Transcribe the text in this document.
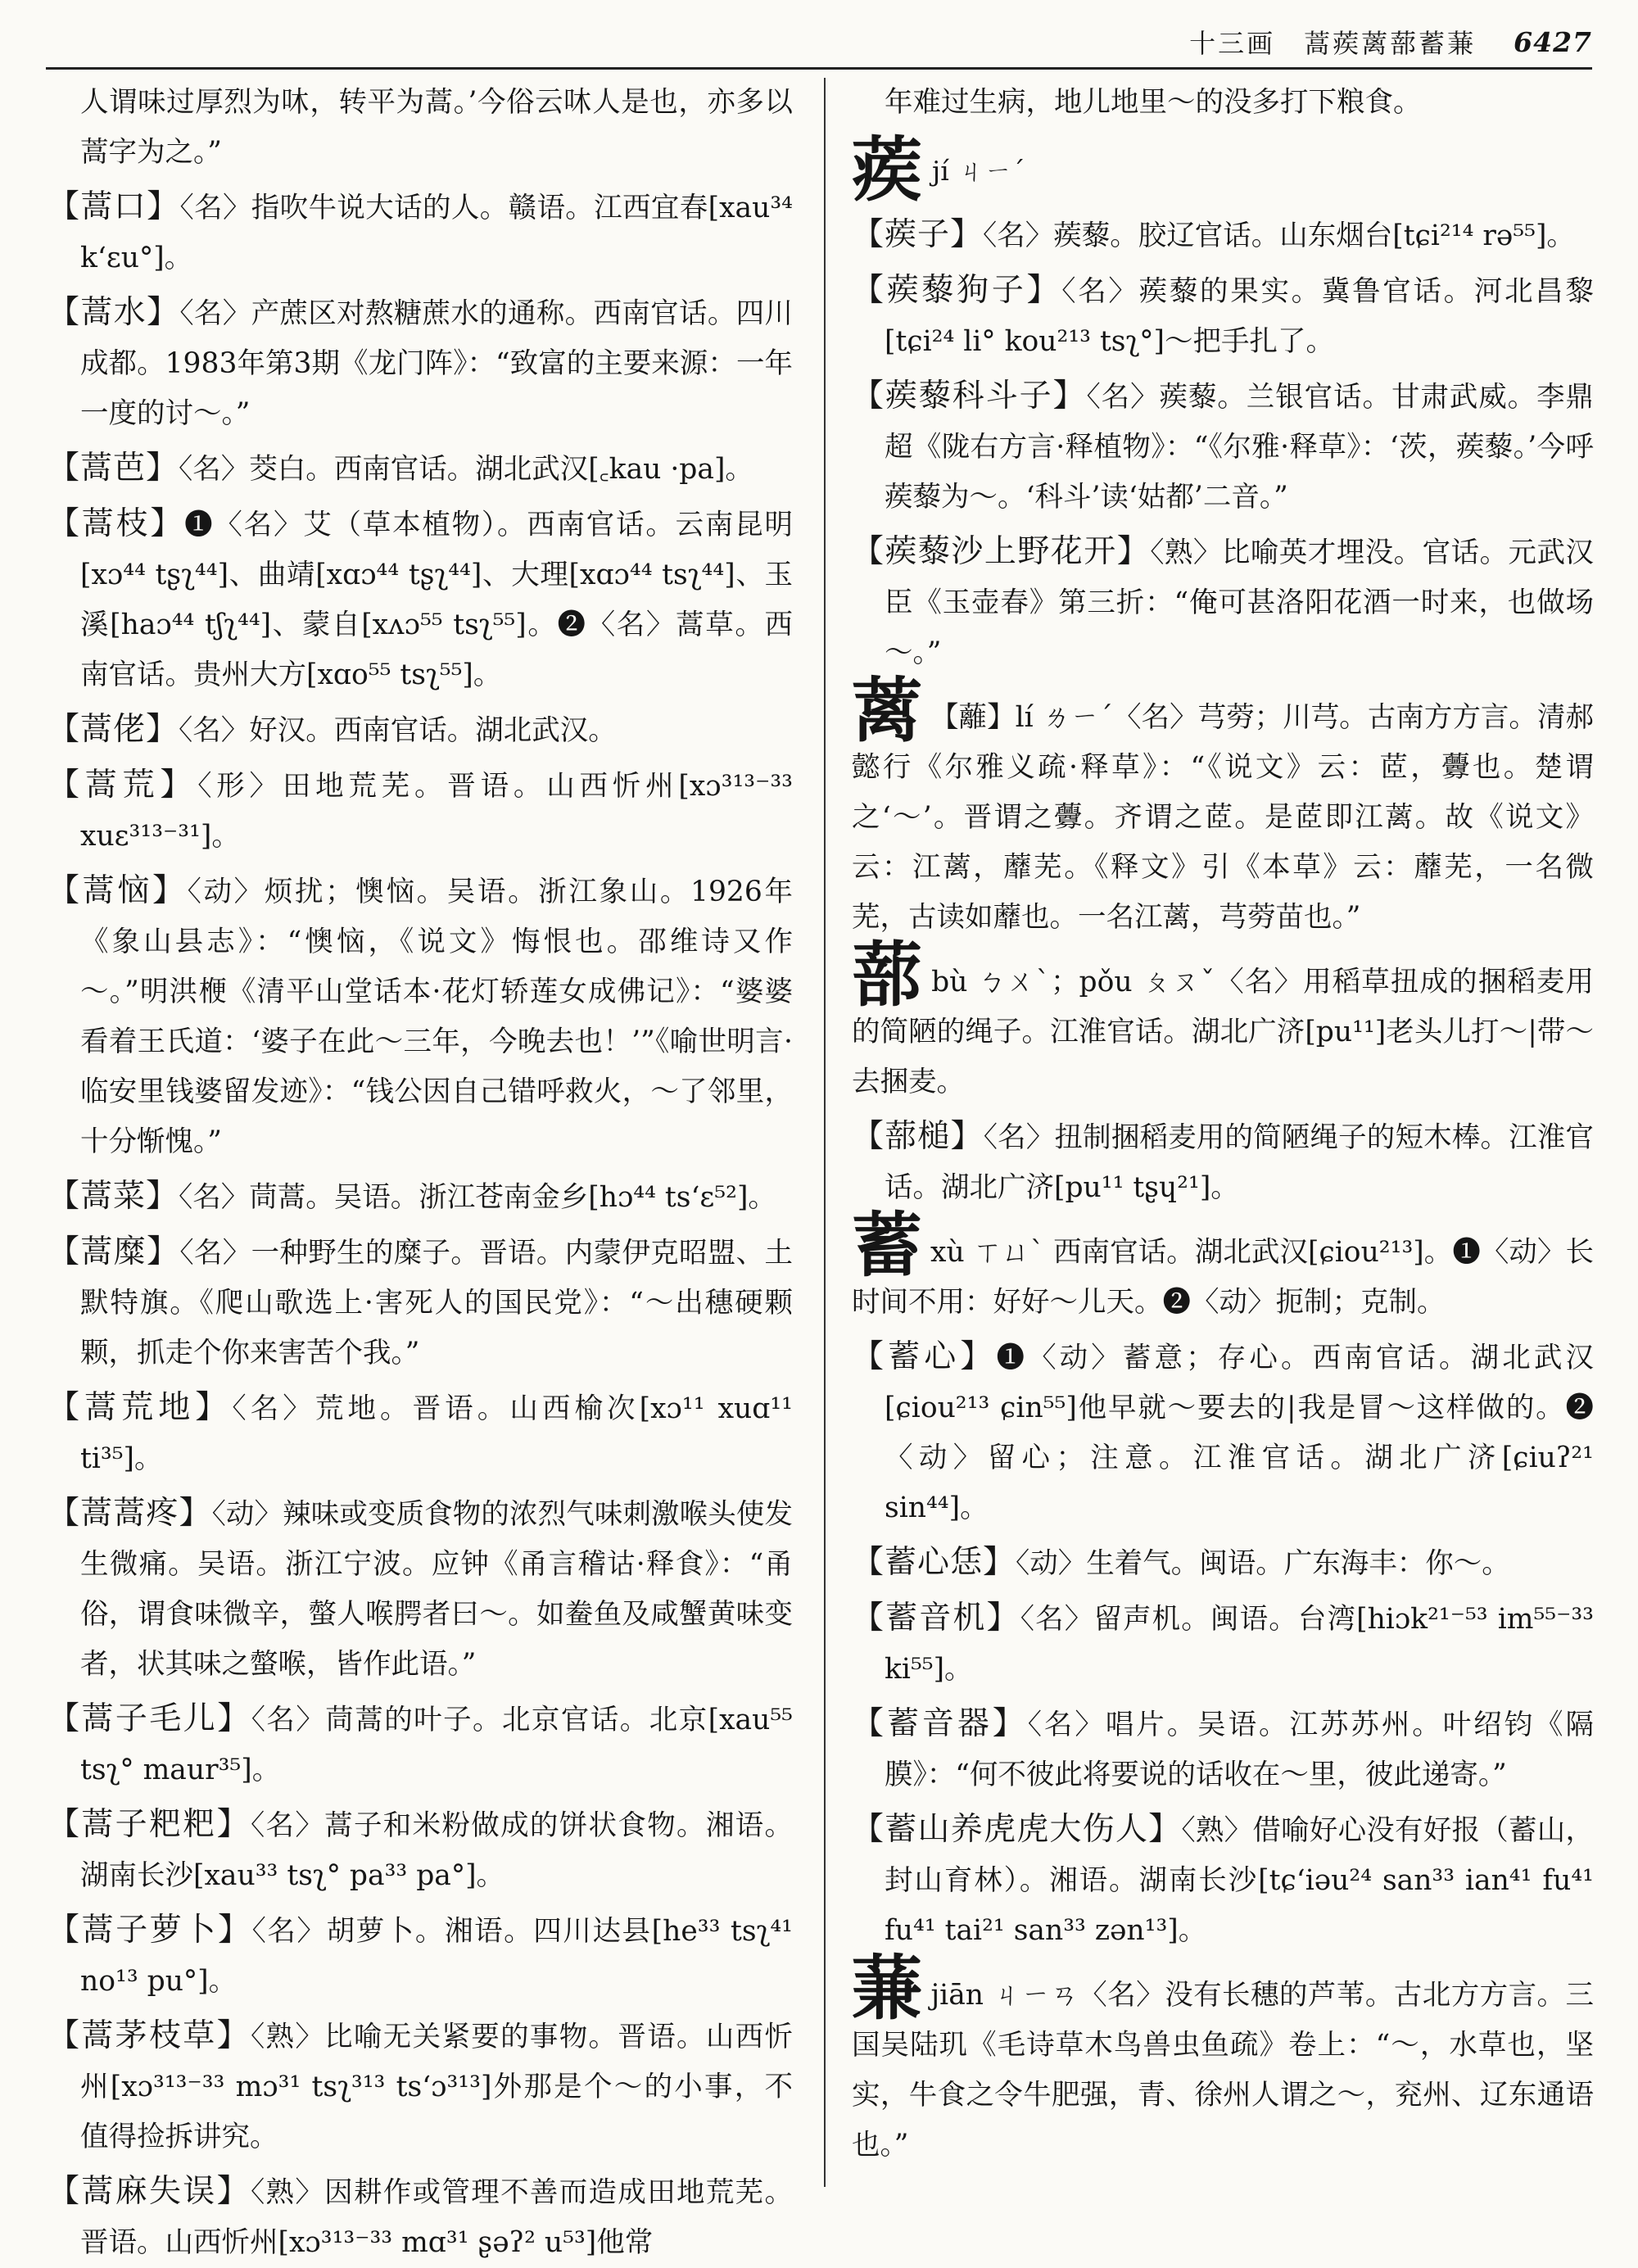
十三画　蒿蒺蓠蔀蓄蒹 6427

人谓味过厚烈为㕲，转平为蒿。’今俗云㕲人是也，亦多以蒿字为之。”

【蒿口】〈名〉指吹牛说大话的人。赣语。江西宜春[xau³⁴ k‘ɛu°]。

【蒿水】〈名〉产蔗区对熬糖蔗水的通称。西南官话。四川成都。1983年第3期《龙门阵》：“致富的主要来源：一年一度的讨～。”

【蒿芭】〈名〉茭白。西南官话。湖北武汉[꜀kau ·pa]。

【蒿枝】❶〈名〉艾（草本植物）。西南官话。云南昆明[xɔ⁴⁴ tʂʅ⁴⁴]、曲靖[xɑɔ⁴⁴ tʂʅ⁴⁴]、大理[xɑɔ⁴⁴ tsʅ⁴⁴]、玉溪[haɔ⁴⁴ tʃʅ⁴⁴]、蒙自[xʌɔ⁵⁵ tsʅ⁵⁵]。❷〈名〉蒿草。西南官话。贵州大方[xɑo⁵⁵ tsʅ⁵⁵]。

【蒿佬】〈名〉好汉。西南官话。湖北武汉。

【蒿荒】〈形〉田地荒芜。晋语。山西忻州[xɔ³¹³⁻³³ xuɛ³¹³⁻³¹]。

【蒿恼】〈动〉烦扰；懊恼。吴语。浙江象山。1926年《象山县志》：“懊恼，《说文》悔恨也。邵维诗又作～。”明洪楩《清平山堂话本·花灯轿莲女成佛记》：“婆婆看着王氏道：‘婆子在此～三年，今晚去也！’”《喻世明言·临安里钱婆留发迹》：“钱公因自己错呼救火，～了邻里，十分惭愧。”

【蒿菜】〈名〉茼蒿。吴语。浙江苍南金乡[hɔ⁴⁴ ts‘ɛ⁵²]。

【蒿糜】〈名〉一种野生的糜子。晋语。内蒙伊克昭盟、土默特旗。《爬山歌选上·害死人的国民党》：“～出穗硬颗颗，抓走个你来害苦个我。”

【蒿荒地】〈名〉荒地。晋语。山西榆次[xɔ¹¹ xuɑ¹¹ ti³⁵]。

【蒿蒿疼】〈动〉辣味或变质食物的浓烈气味刺激喉头使发生微痛。吴语。浙江宁波。应钟《甬言稽诂·释食》：“甬俗，谓食味微辛，螫人喉腭者曰～。如鲞鱼及咸蟹黄味变者，状其味之螫喉，皆作此语。”

【蒿子毛儿】〈名〉茼蒿的叶子。北京官话。北京[xau⁵⁵ tsʅ° maur³⁵]。

【蒿子粑粑】〈名〉蒿子和米粉做成的饼状食物。湘语。湖南长沙[xau³³ tsʅ° pa³³ pa°]。

【蒿子萝卜】〈名〉胡萝卜。湘语。四川达县[he³³ tsʅ⁴¹ no¹³ pu°]。

【蒿茅枝草】〈熟〉比喻无关紧要的事物。晋语。山西忻州[xɔ³¹³⁻³³ mɔ³¹ tsʅ³¹³ ts‘ɔ³¹³]外那是个～的小事，不值得捡拆讲究。

【蒿麻失误】〈熟〉因耕作或管理不善而造成田地荒芜。晋语。山西忻州[xɔ³¹³⁻³³ mɑ³¹ ʂəʔ² u⁵³]他常

年难过生病，地儿地里～的没多打下粮食。

蒺jí ㄐㄧˊ

【蒺子】〈名〉蒺藜。胶辽官话。山东烟台[tɕi²¹⁴ rə⁵⁵]。

【蒺藜狗子】〈名〉蒺藜的果实。冀鲁官话。河北昌黎[tɕi²⁴ li° kou²¹³ tsʅ°]～把手扎了。

【蒺藜科斗子】〈名〉蒺藜。兰银官话。甘肃武威。李鼎超《陇右方言·释植物》：“《尔雅·释草》：‘茨，蒺藜。’今呼蒺藜为～。‘科斗’读‘姑都’二音。”

【蒺藜沙上野花开】〈熟〉比喻英才埋没。官话。元武汉臣《玉壶春》第三折：“俺可甚洛阳花酒一时来，也做场～。”

蓠 【蘺】lí ㄌㄧˊ〈名〉芎䓖；川芎。古南方方言。清郝懿行《尔雅义疏·释草》：“《说文》云：茝，虋也。楚谓之‘～’。晋谓之虋。齐谓之茝。是茝即江蓠。故《说文》云：江蓠，蘼芜。《释文》引《本草》云：蘼芜，一名微芜，古读如蘼也。一名江蓠，芎䓖苗也。”

蔀bù ㄅㄨˋ；pǒu ㄆㄡˇ〈名〉用稻草扭成的捆稻麦用的简陋的绳子。江淮官话。湖北广济[pu¹¹]老头儿打～|带～去捆麦。

【蔀槌】〈名〉扭制捆稻麦用的简陋绳子的短木棒。江淮官话。湖北广济[pu¹¹ tʂɥ²¹]。

蓄xù ㄒㄩˋ 西南官话。湖北武汉[ɕiou²¹³]。❶〈动〉长时间不用：好好～儿天。❷〈动〉扼制；克制。

【蓄心】❶〈动〉蓄意；存心。西南官话。湖北武汉[ɕiou²¹³ ɕin⁵⁵]他早就～要去的|我是冒～这样做的。❷〈动〉留心；注意。江淮官话。湖北广济[ɕiuʔ²¹ sin⁴⁴]。

【蓄心恁】〈动〉生着气。闽语。广东海丰：你～。

【蓄音机】〈名〉留声机。闽语。台湾[hiɔk²¹⁻⁵³ im⁵⁵⁻³³ ki⁵⁵]。

【蓄音器】〈名〉唱片。吴语。江苏苏州。叶绍钧《隔膜》：“何不彼此将要说的话收在～里，彼此递寄。”

【蓄山养虎虎大伤人】〈熟〉借喻好心没有好报（蓄山，封山育林）。湘语。湖南长沙[tɕ‘iəu²⁴ san³³ ian⁴¹ fu⁴¹ fu⁴¹ tai²¹ san³³ zən¹³]。

蒹jiān ㄐㄧㄢ〈名〉没有长穗的芦苇。古北方方言。三国吴陆玑《毛诗草木鸟兽虫鱼疏》卷上：“～，水草也，坚实，牛食之令牛肥强，青、徐州人谓之～，兖州、辽东通语也。”
